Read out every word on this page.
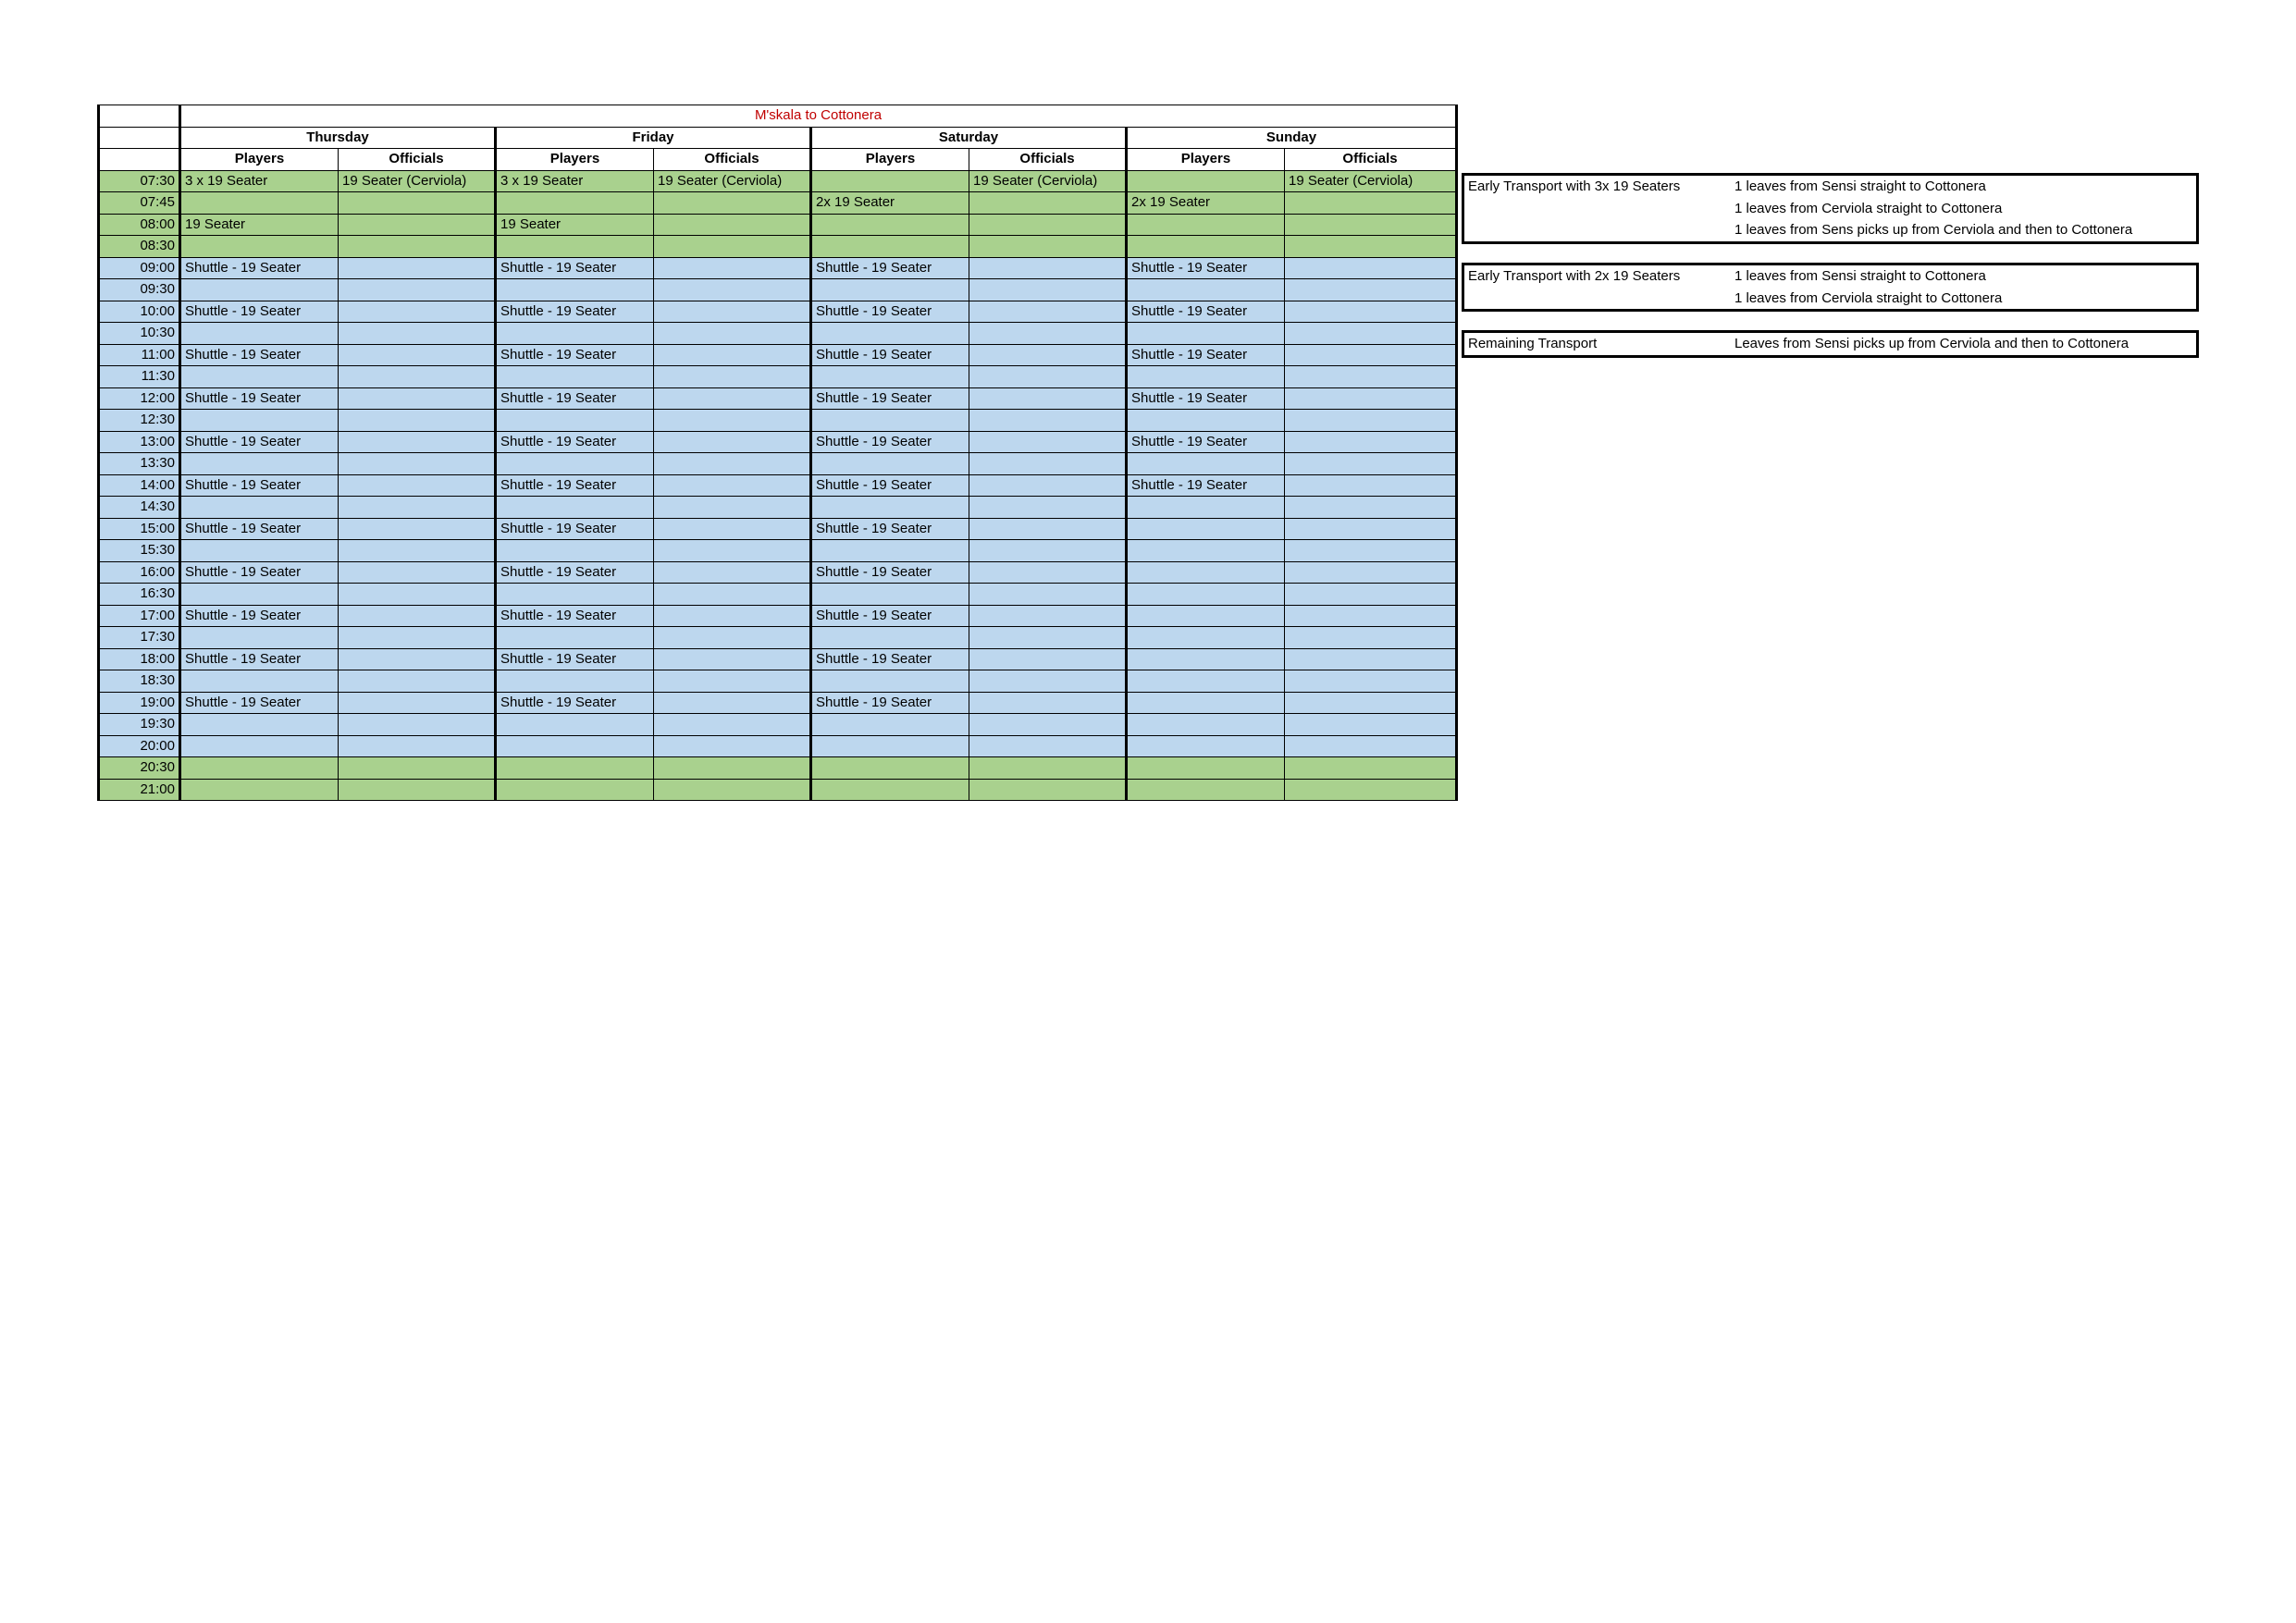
	M'skala to Cottonera							
	Thursday		Friday		Saturday		Sunday	
	Players	Officials	Players	Officials	Players	Officials	Players	Officials
07:30	3 x 19 Seater	19 Seater (Cerviola)	3 x 19 Seater	19 Seater (Cerviola)		19 Seater (Cerviola)		19 Seater (Cerviola)
07:45					2x 19 Seater		2x 19 Seater	
08:00	19 Seater		19 Seater					
08:30								
09:00	Shuttle - 19 Seater		Shuttle - 19 Seater		Shuttle - 19 Seater		Shuttle - 19 Seater	
09:30								
10:00	Shuttle - 19 Seater		Shuttle - 19 Seater		Shuttle - 19 Seater		Shuttle - 19 Seater	
10:30								
11:00	Shuttle - 19 Seater		Shuttle - 19 Seater		Shuttle - 19 Seater		Shuttle - 19 Seater	
11:30								
12:00	Shuttle - 19 Seater		Shuttle - 19 Seater		Shuttle - 19 Seater		Shuttle - 19 Seater	
12:30								
13:00	Shuttle - 19 Seater		Shuttle - 19 Seater		Shuttle - 19 Seater		Shuttle - 19 Seater	
13:30								
14:00	Shuttle - 19 Seater		Shuttle - 19 Seater		Shuttle - 19 Seater		Shuttle - 19 Seater	
14:30								
15:00	Shuttle - 19 Seater		Shuttle - 19 Seater		Shuttle - 19 Seater			
15:30								
16:00	Shuttle - 19 Seater		Shuttle - 19 Seater		Shuttle - 19 Seater			
16:30								
17:00	Shuttle - 19 Seater		Shuttle - 19 Seater		Shuttle - 19 Seater			
17:30								
18:00	Shuttle - 19 Seater		Shuttle - 19 Seater		Shuttle - 19 Seater			
18:30								
19:00	Shuttle - 19 Seater		Shuttle - 19 Seater		Shuttle - 19 Seater			
19:30								
20:00								
20:30								
21:00								
Early Transport with 3x 19 Seaters	1 leaves from Sensi straight to Cottonera
1 leaves from Cerviola straight to Cottonera
1 leaves from Sens picks up from Cerviola and then to Cottonera
Early Transport with 2x 19 Seaters	1 leaves from Sensi straight to Cottonera
1 leaves from Cerviola straight to Cottonera
Remaining Transport	Leaves from Sensi picks up from Cerviola and then to Cottonera
